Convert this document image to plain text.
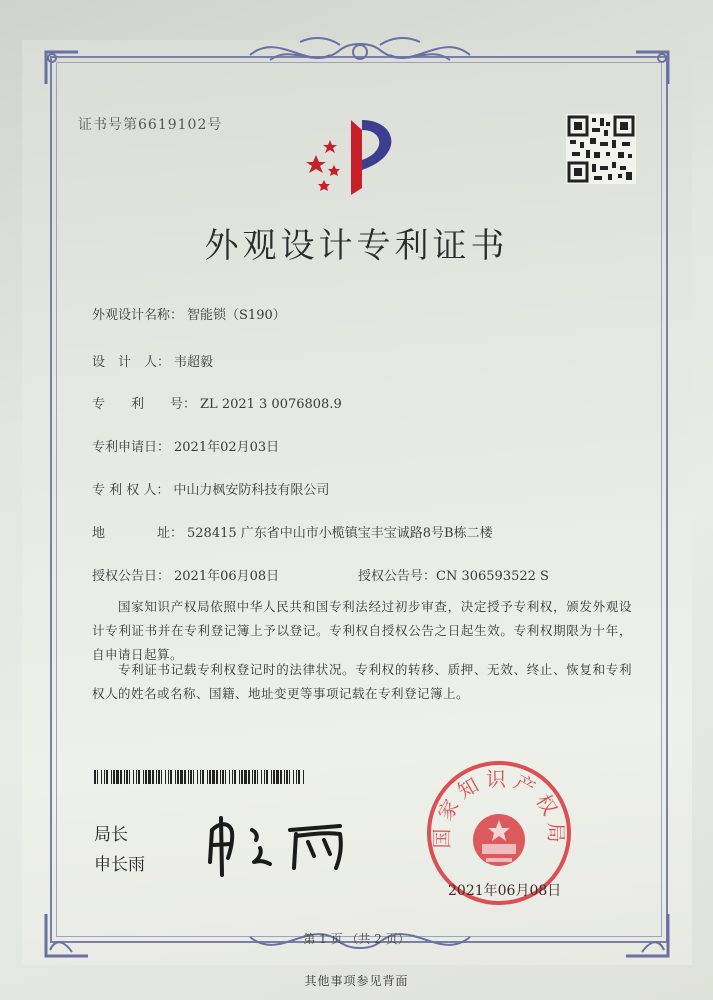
证书号第6619102号
外观设计专利证书
外观设计名称： 智能锁（S190）
设　计　人： 韦超毅
专　　利　　号： ZL 2021 3 0076808.9
专利申请日： 2021年02月03日
专 利 权 人： 中山力枫安防科技有限公司
地　　　　址： 528415 广东省中山市小榄镇宝丰宝诚路8号B栋二楼
授权公告日： 2021年06月08日	授权公告号：CN 306593522 S
国家知识产权局依照中华人民共和国专利法经过初步审查，决定授予专利权，颁发外观设计专利证书并在专利登记簿上予以登记。专利权自授权公告之日起生效。专利权期限为十年，自申请日起算。
专利证书记载专利权登记时的法律状况。专利权的转移、质押、无效、终止、恢复和专利权人的姓名或名称、国籍、地址变更等事项记载在专利登记簿上。
局长
申长雨
国家知识产权局
2021年06月08日
第 1 页 （共 2 页）
其他事项参见背面
